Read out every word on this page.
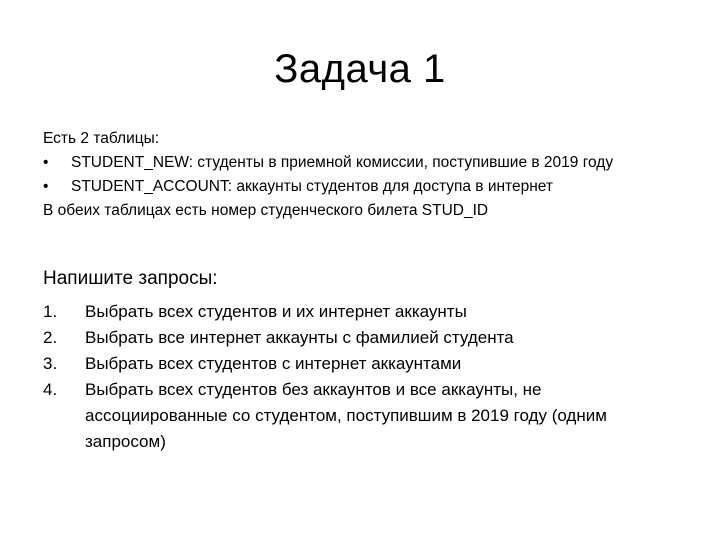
Задача 1
Есть 2 таблицы:
•	STUDENT_NEW: студенты в приемной комиссии, поступившие в 2019 году
•	STUDENT_ACCOUNT: аккаунты студентов для доступа в интернет
В обеих таблицах есть номер студенческого билета STUD_ID
Напишите запросы:
1.	Выбрать всех студентов и их интернет аккаунты
2.	Выбрать все интернет аккаунты с фамилией студента
3.	Выбрать всех студентов с интернет аккаунтами
4.	Выбрать всех студентов без аккаунтов и все аккаунты, не ассоциированные со студентом, поступившим в 2019 году (одним запросом)
